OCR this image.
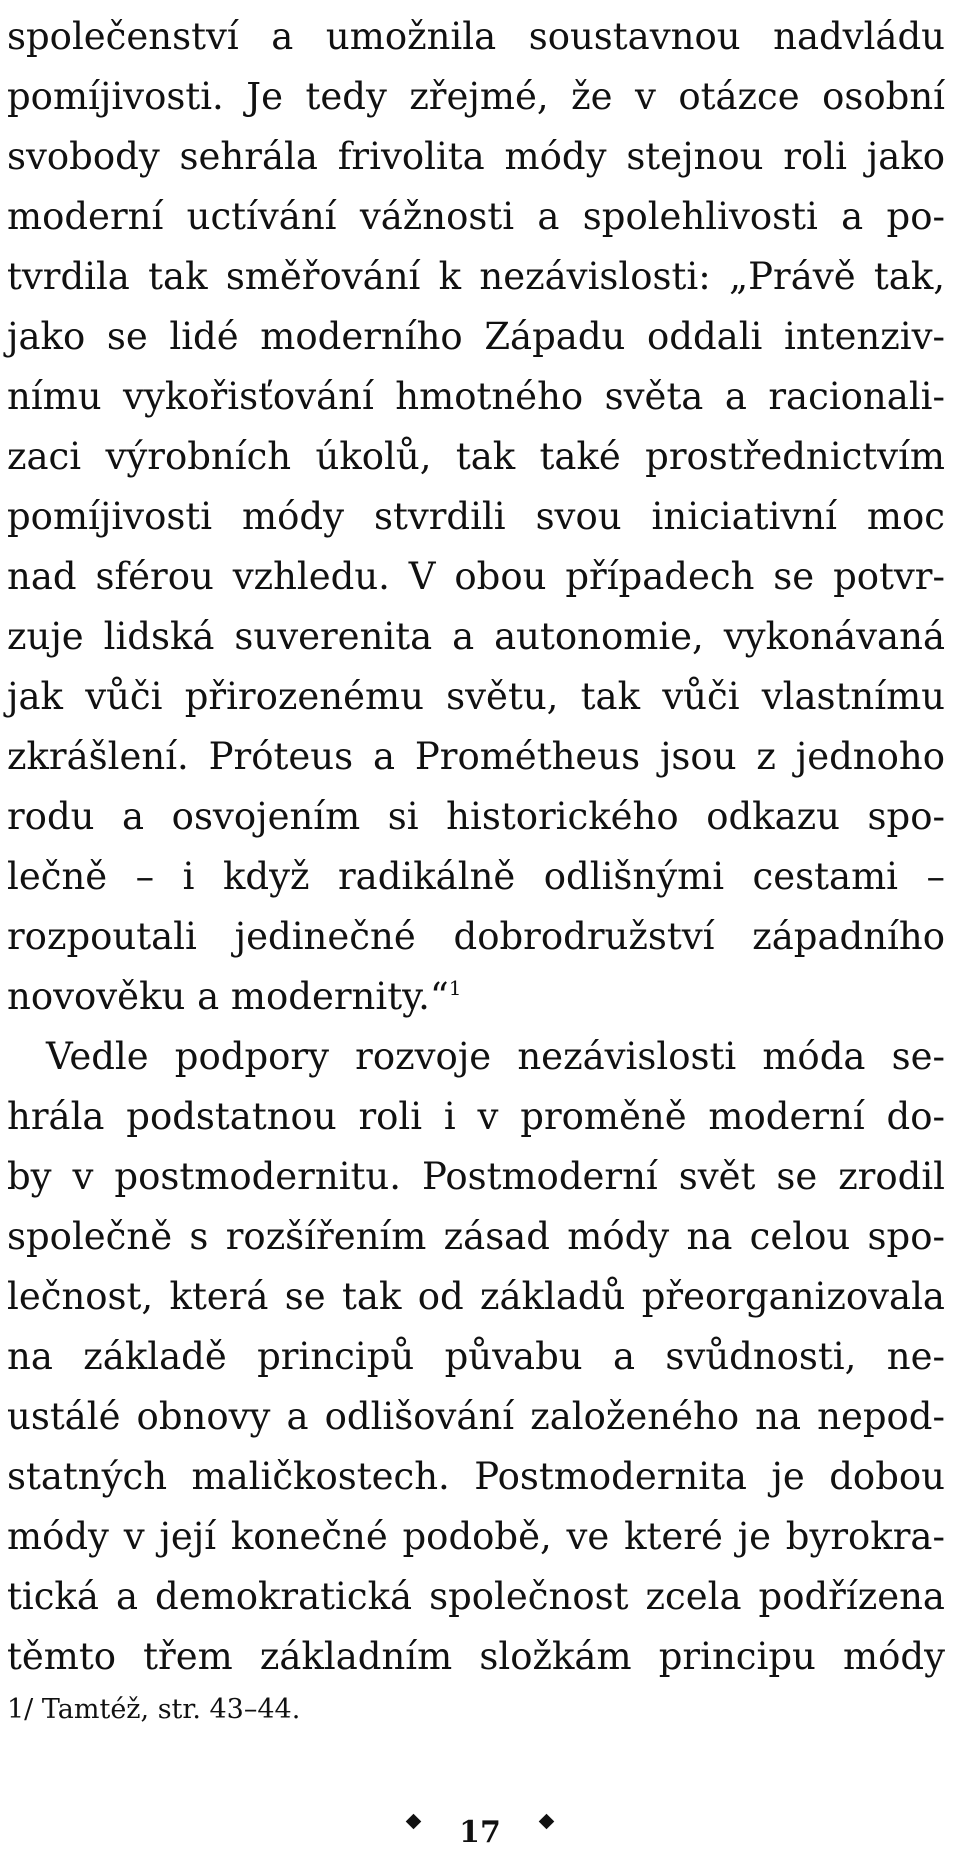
společenství a umožnila soustavnou nadvládu
pomíjivosti. Je tedy zřejmé, že v otázce osobní
svobody sehrála frivolita módy stejnou roli jako
moderní uctívání vážnosti a spolehlivosti a po-
tvrdila tak směřování k nezávislosti: „Právě tak,
jako se lidé moderního Západu oddali intenziv-
nímu vykořisťování hmotného světa a racionali-
zaci výrobních úkolů, tak také prostřednictvím
pomíjivosti módy stvrdili svou iniciativní moc
nad sférou vzhledu. V obou případech se potvr-
zuje lidská suverenita a autonomie, vykonávaná
jak vůči přirozenému světu, tak vůči vlastnímu
zkrášlení. Próteus a Prométheus jsou z jednoho
rodu a osvojením si historického odkazu spo-
lečně – i když radikálně odlišnými cestami –
rozpoutali jedinečné dobrodružství západního
novověku a modernity.“$^1$
Vedle podpory rozvoje nezávislosti móda se-
hrála podstatnou roli i v proměně moderní do-
by v postmodernitu. Postmoderní svět se zrodil
společně s rozšířením zásad módy na celou spo-
lečnost, která se tak od základů přeorganizovala
na základě principů půvabu a svůdnosti, ne-
ustálé obnovy a odlišování založeného na nepod-
statných maličkostech. Postmodernita je dobou
módy v její konečné podobě, ve které je byrokra-
tická a demokratická společnost zcela podřízena
těmto třem základním složkám principu módy
1/ Tamtéž, str. 43–44.
17
